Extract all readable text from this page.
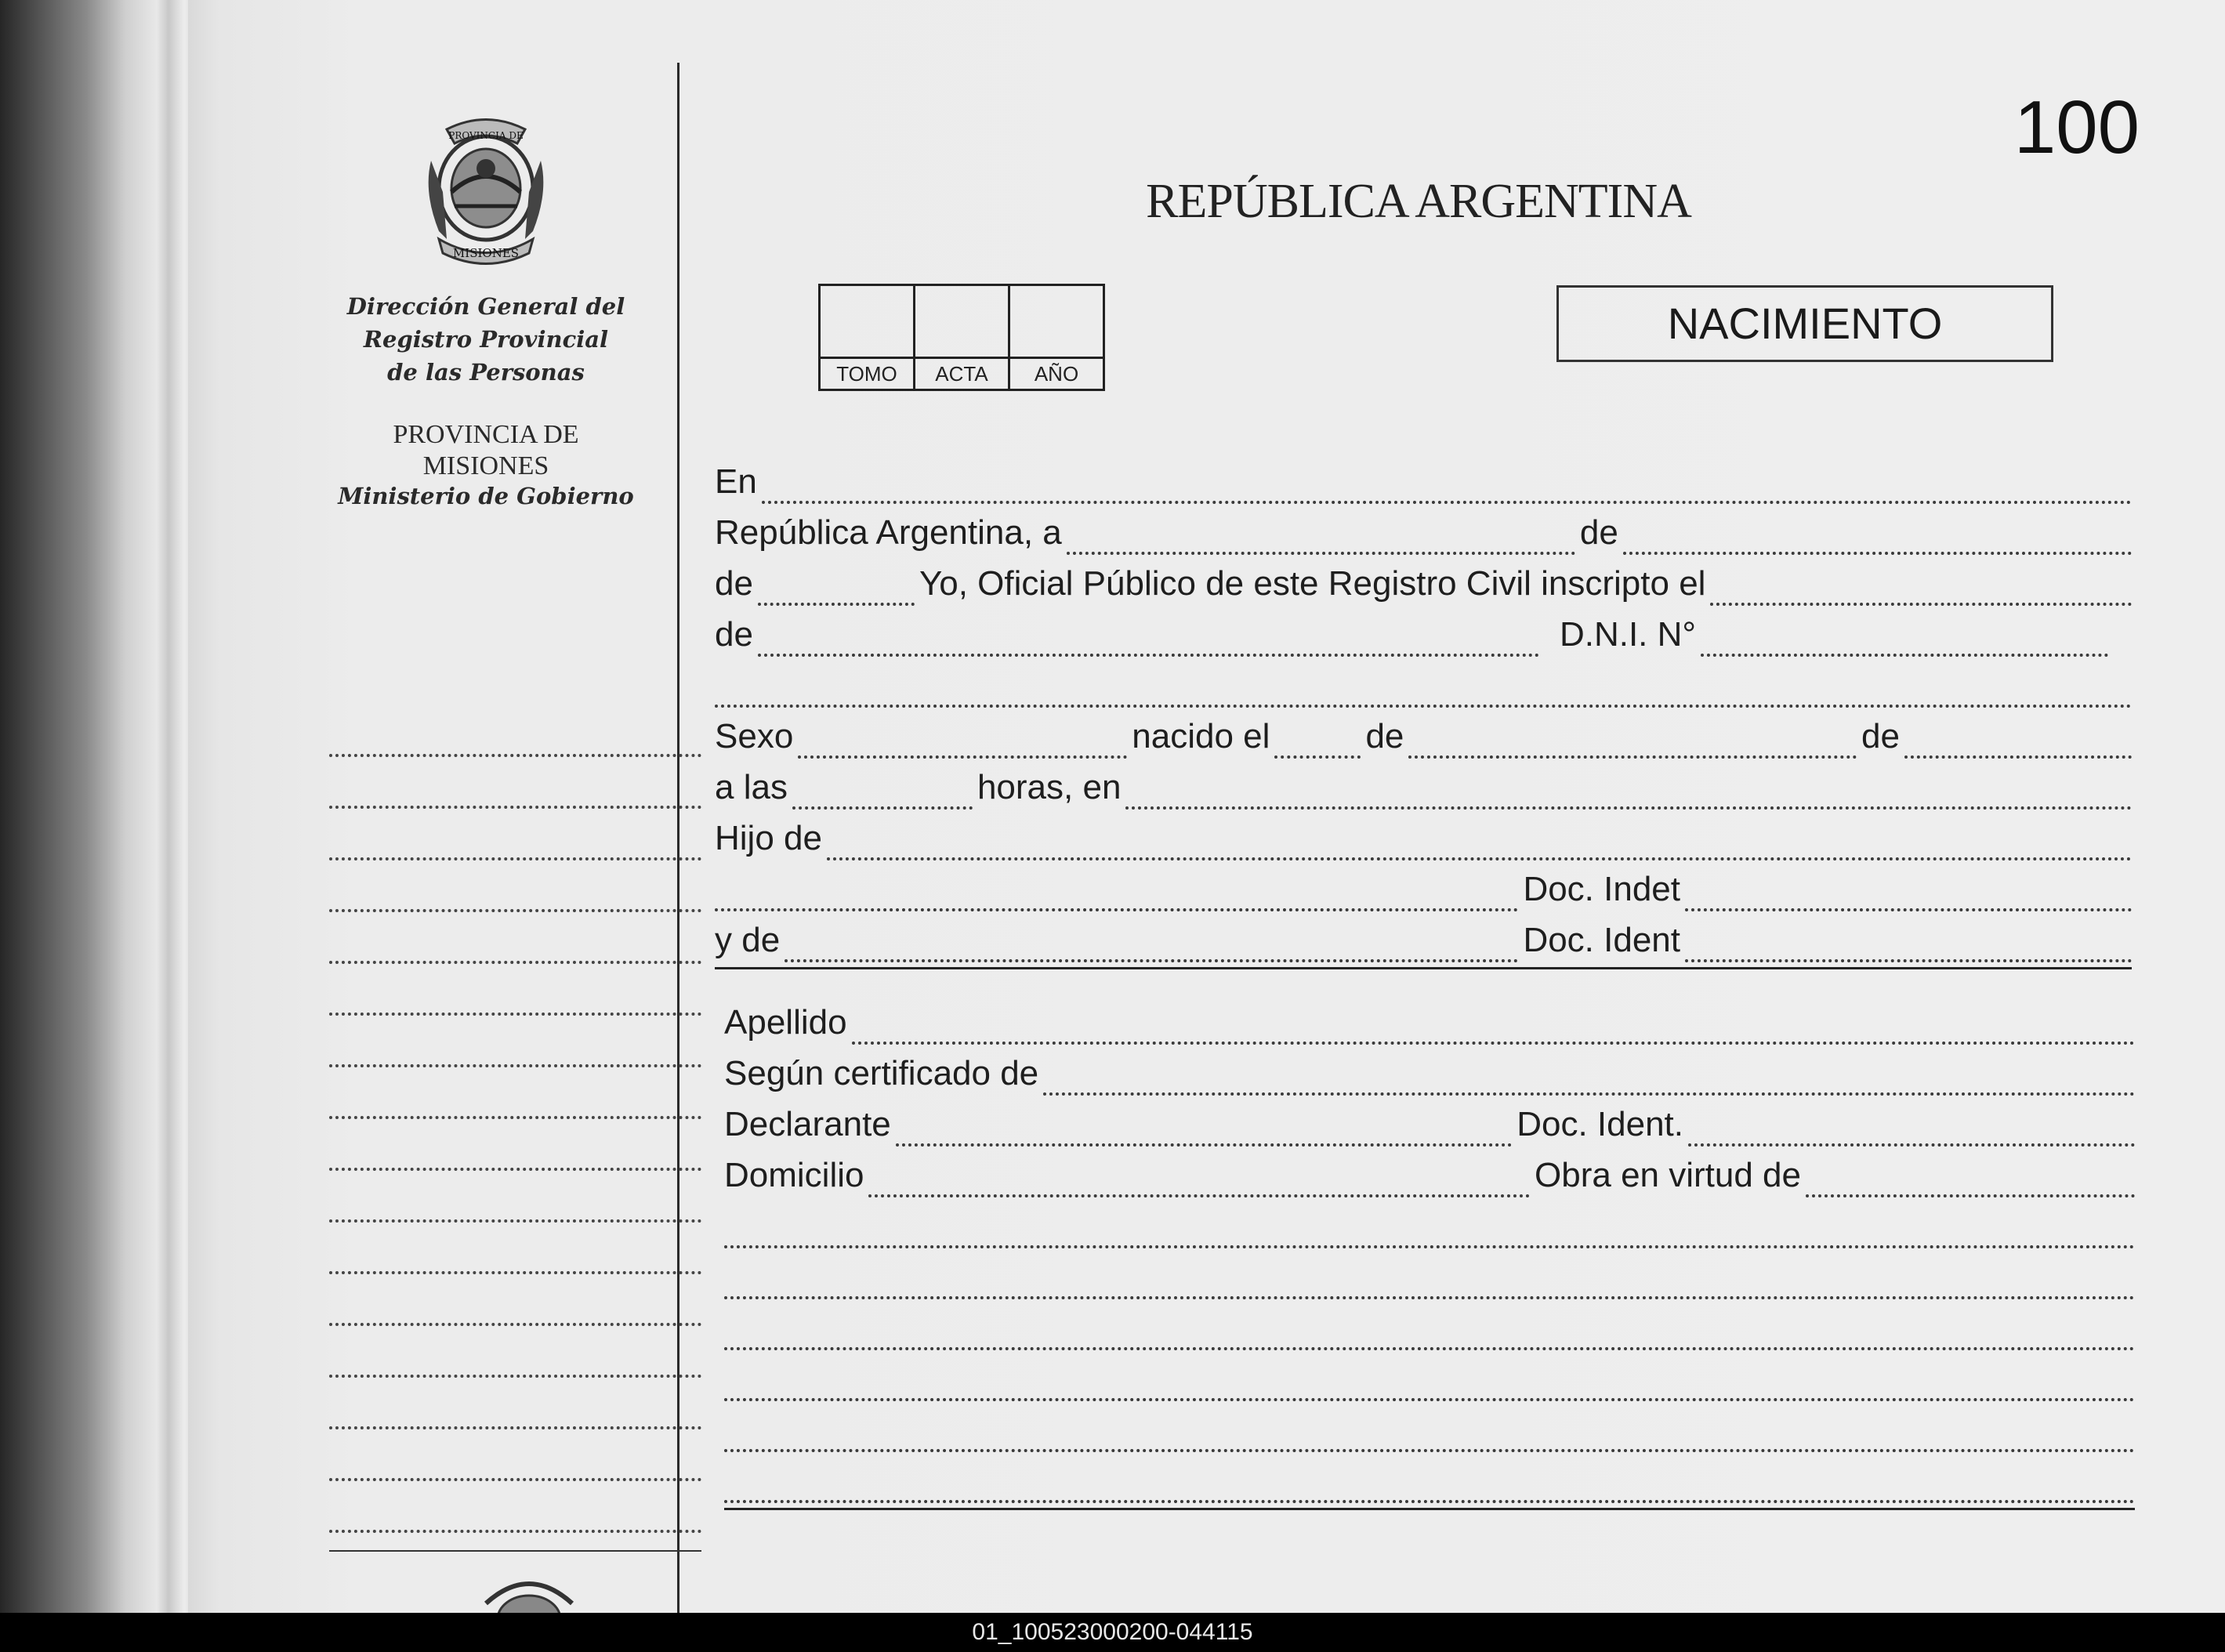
PROVINCIA DE
MISIONES
Dirección General del
Registro Provincial
de las Personas
PROVINCIA DE
MISIONES
Ministerio de Gobierno
100
REPÚBLICA ARGENTINA

TOMO	ACTA	AÑO
NACIMIENTO
En
República Argentina, a	de
de	Yo, Oficial Público de este Registro Civil inscripto el
de	D.N.I. N°
Sexo	nacido el	de	de
a las	horas, en
Hijo de
Doc. Indet
y de	Doc. Ident
Apellido
Según certificado de
Declarante	Doc. Ident.
Domicilio	Obra en virtud de
01_100523000200-044115
